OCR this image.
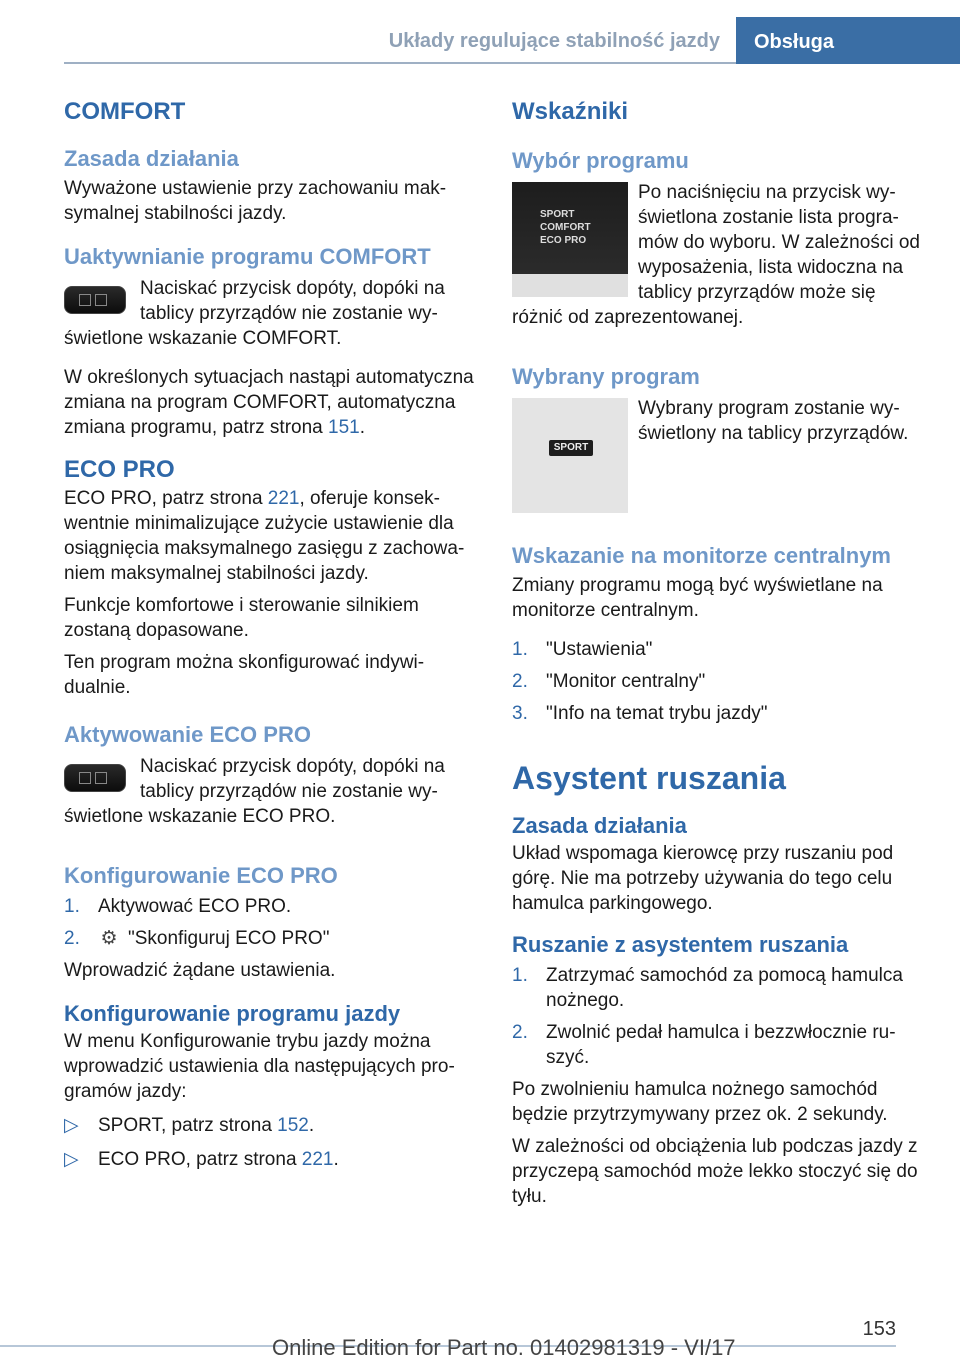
Układy regulujące stabilność jazdy	Obsługa
COMFORT
Zasada działania

Wyważone ustawienie przy zachowaniu maksymalnej stabilności jazdy.

Uaktywnianie programu COMFORT

Naciskać przycisk dopóty, dopóki na tablicy przyrządów nie zostanie wyświetlone wskazanie COMFORT.

W określonych sytuacjach nastąpi automatyczna zmiana na program COMFORT, automatyczna zmiana programu, patrz strona 151.

ECO PRO

ECO PRO, patrz strona 221, oferuje konsekwentnie minimalizujące zużycie ustawienie dla osiągnięcia maksymalnego zasięgu z zachowaniem maksymalnej stabilności jazdy.

Funkcje komfortowe i sterowanie silnikiem zostaną dopasowane.

Ten program można skonfigurować indywidualnie.

Aktywowanie ECO PRO

Naciskać przycisk dopóty, dopóki na tablicy przyrządów nie zostanie wyświetlone wskazanie ECO PRO.

Konfigurowanie ECO PRO
1. Aktywować ECO PRO.
2. ⚙ "Skonfiguruj ECO PRO"

Wprowadzić żądane ustawienia.

Konfigurowanie programu jazdy

W menu Konfigurowanie trybu jazdy można wprowadzić ustawienia dla następujących programów jazdy:

▷ SPORT, patrz strona 152.
▷ ECO PRO, patrz strona 221.
Wskaźniki
Wybór programu
SPORT
COMFORT
ECO PRO

Po naciśnięciu na przycisk wyświetlona zostanie lista programów do wyboru. W zależności od wyposażenia, lista widoczna na tablicy przyrządów może się różnić od zaprezentowanej.

Wybrany program
SPORT

Wybrany program zostanie wyświetlony na tablicy przyrządów.

Wskazanie na monitorze centralnym

Zmiany programu mogą być wyświetlane na monitorze centralnym.

1. "Ustawienia"
2. "Monitor centralny"
3. "Info na temat trybu jazdy"
Asystent ruszania
Zasada działania

Układ wspomaga kierowcę przy ruszaniu pod górę. Nie ma potrzeby używania do tego celu hamulca parkingowego.

Ruszanie z asystentem ruszania
1. Zatrzymać samochód za pomocą hamulca nożnego.
2. Zwolnić pedał hamulca i bezzwłocznie ruszyć.

Po zwolnieniu hamulca nożnego samochód będzie przytrzymywany przez ok. 2 sekundy.

W zależności od obciążenia lub podczas jazdy z przyczepą samochód może lekko stoczyć się do tyłu.

153
Online Edition for Part no. 01402981319 - VI/17
